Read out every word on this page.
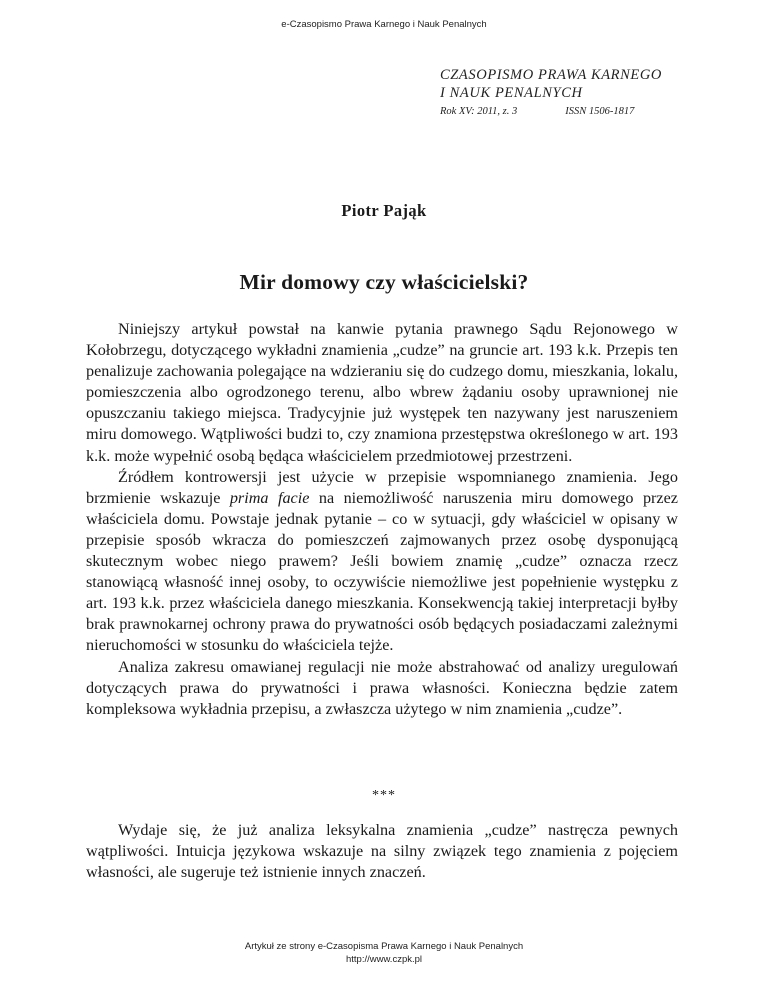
e-Czasopismo Prawa Karnego i Nauk Penalnych
CZASOPISMO PRAWA KARNEGO
I NAUK PENALNYCH
Rok XV: 2011, z. 3	ISSN 1506-1817
Piotr Pająk
Mir domowy czy właścicielski?

Niniejszy artykuł powstał na kanwie pytania prawnego Sądu Rejonowego w Kołobrzegu, dotyczącego wykładni znamienia „cudze” na gruncie art. 193 k.k. Przepis ten penalizuje zachowania polegające na wdzieraniu się do cudzego domu, mieszkania, lokalu, pomieszczenia albo ogrodzonego terenu, albo wbrew żądaniu osoby uprawnionej nie opuszczaniu takiego miejsca. Tradycyjnie już występek ten nazywany jest naruszeniem miru domowego. Wątpliwości budzi to, czy znamiona przestępstwa określonego w art. 193 k.k. może wypełnić osobą będąca właścicielem przedmiotowej przestrzeni.

Źródłem kontrowersji jest użycie w przepisie wspomnianego znamienia. Jego brzmienie wskazuje prima facie na niemożliwość naruszenia miru domowego przez właściciela domu. Powstaje jednak pytanie – co w sytuacji, gdy właściciel w opisany w przepisie sposób wkracza do pomieszczeń zajmowanych przez osobę dysponującą skutecznym wobec niego prawem? Jeśli bowiem znamię „cudze” oznacza rzecz stanowiącą własność innej osoby, to oczywiście niemożliwe jest popełnienie występku z art. 193 k.k. przez właściciela danego mieszkania. Konsekwencją takiej interpretacji byłby brak prawnokarnej ochrony prawa do prywatności osób będących posiadaczami zależnymi nieruchomości w stosunku do właściciela tejże.

Analiza zakresu omawianej regulacji nie może abstrahować od analizy uregulowań dotyczących prawa do prywatności i prawa własności. Konieczna będzie zatem kompleksowa wykładnia przepisu, a zwłaszcza użytego w nim znamienia „cudze”.

***

Wydaje się, że już analiza leksykalna znamienia „cudze” nastręcza pewnych wątpliwości. Intuicja językowa wskazuje na silny związek tego znamienia z pojęciem własności, ale sugeruje też istnienie innych znaczeń.

Artykuł ze strony e-Czasopisma Prawa Karnego i Nauk Penalnych
http://www.czpk.pl
